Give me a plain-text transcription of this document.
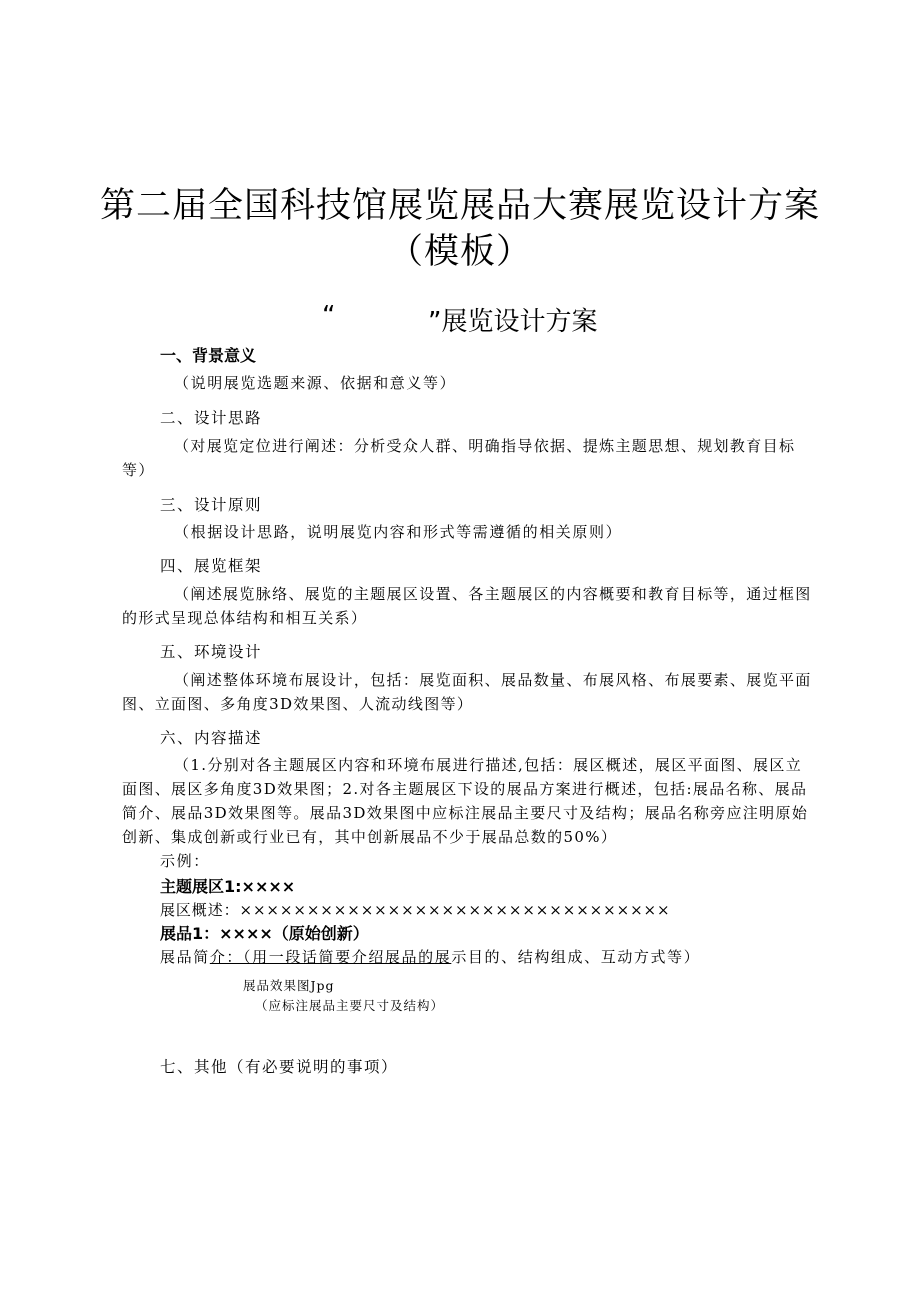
第二届全国科技馆展览展品大赛展览设计方案
（模板）
“	”展览设计方案
一、背景意义
（说明展览选题来源、依据和意义等）
二、设计思路
（对展览定位进行阐述：分析受众人群、明确指导依据、提炼主题思想、规划教育目标等）
三、设计原则
（根据设计思路，说明展览内容和形式等需遵循的相关原则）
四、展览框架
（阐述展览脉络、展览的主题展区设置、各主题展区的内容概要和教育目标等，通过框图的形式呈现总体结构和相互关系）
五、环境设计
（阐述整体环境布展设计，包括：展览面积、展品数量、布展风格、布展要素、展览平面图、立面图、多角度3D效果图、人流动线图等）
六、内容描述
（1.分别对各主题展区内容和环境布展进行描述,包括：展区概述，展区平面图、展区立面图、展区多角度3D效果图；2.对各主题展区下设的展品方案进行概述，包括:展品名称、展品简介、展品3D效果图等。展品3D效果图中应标注展品主要尺寸及结构；展品名称旁应注明原始创新、集成创新或行业已有，其中创新展品不少于展品总数的50%）
示例：
主题展区1:××××
展区概述：××××××××××××××××××××××××××××××××
展品1：××××（原始创新）
展品简介：（用一段话简要介绍展品的展示目的、结构组成、互动方式等）
展品效果图Jpg
（应标注展品主要尺寸及结构）
七、其他（有必要说明的事项）
